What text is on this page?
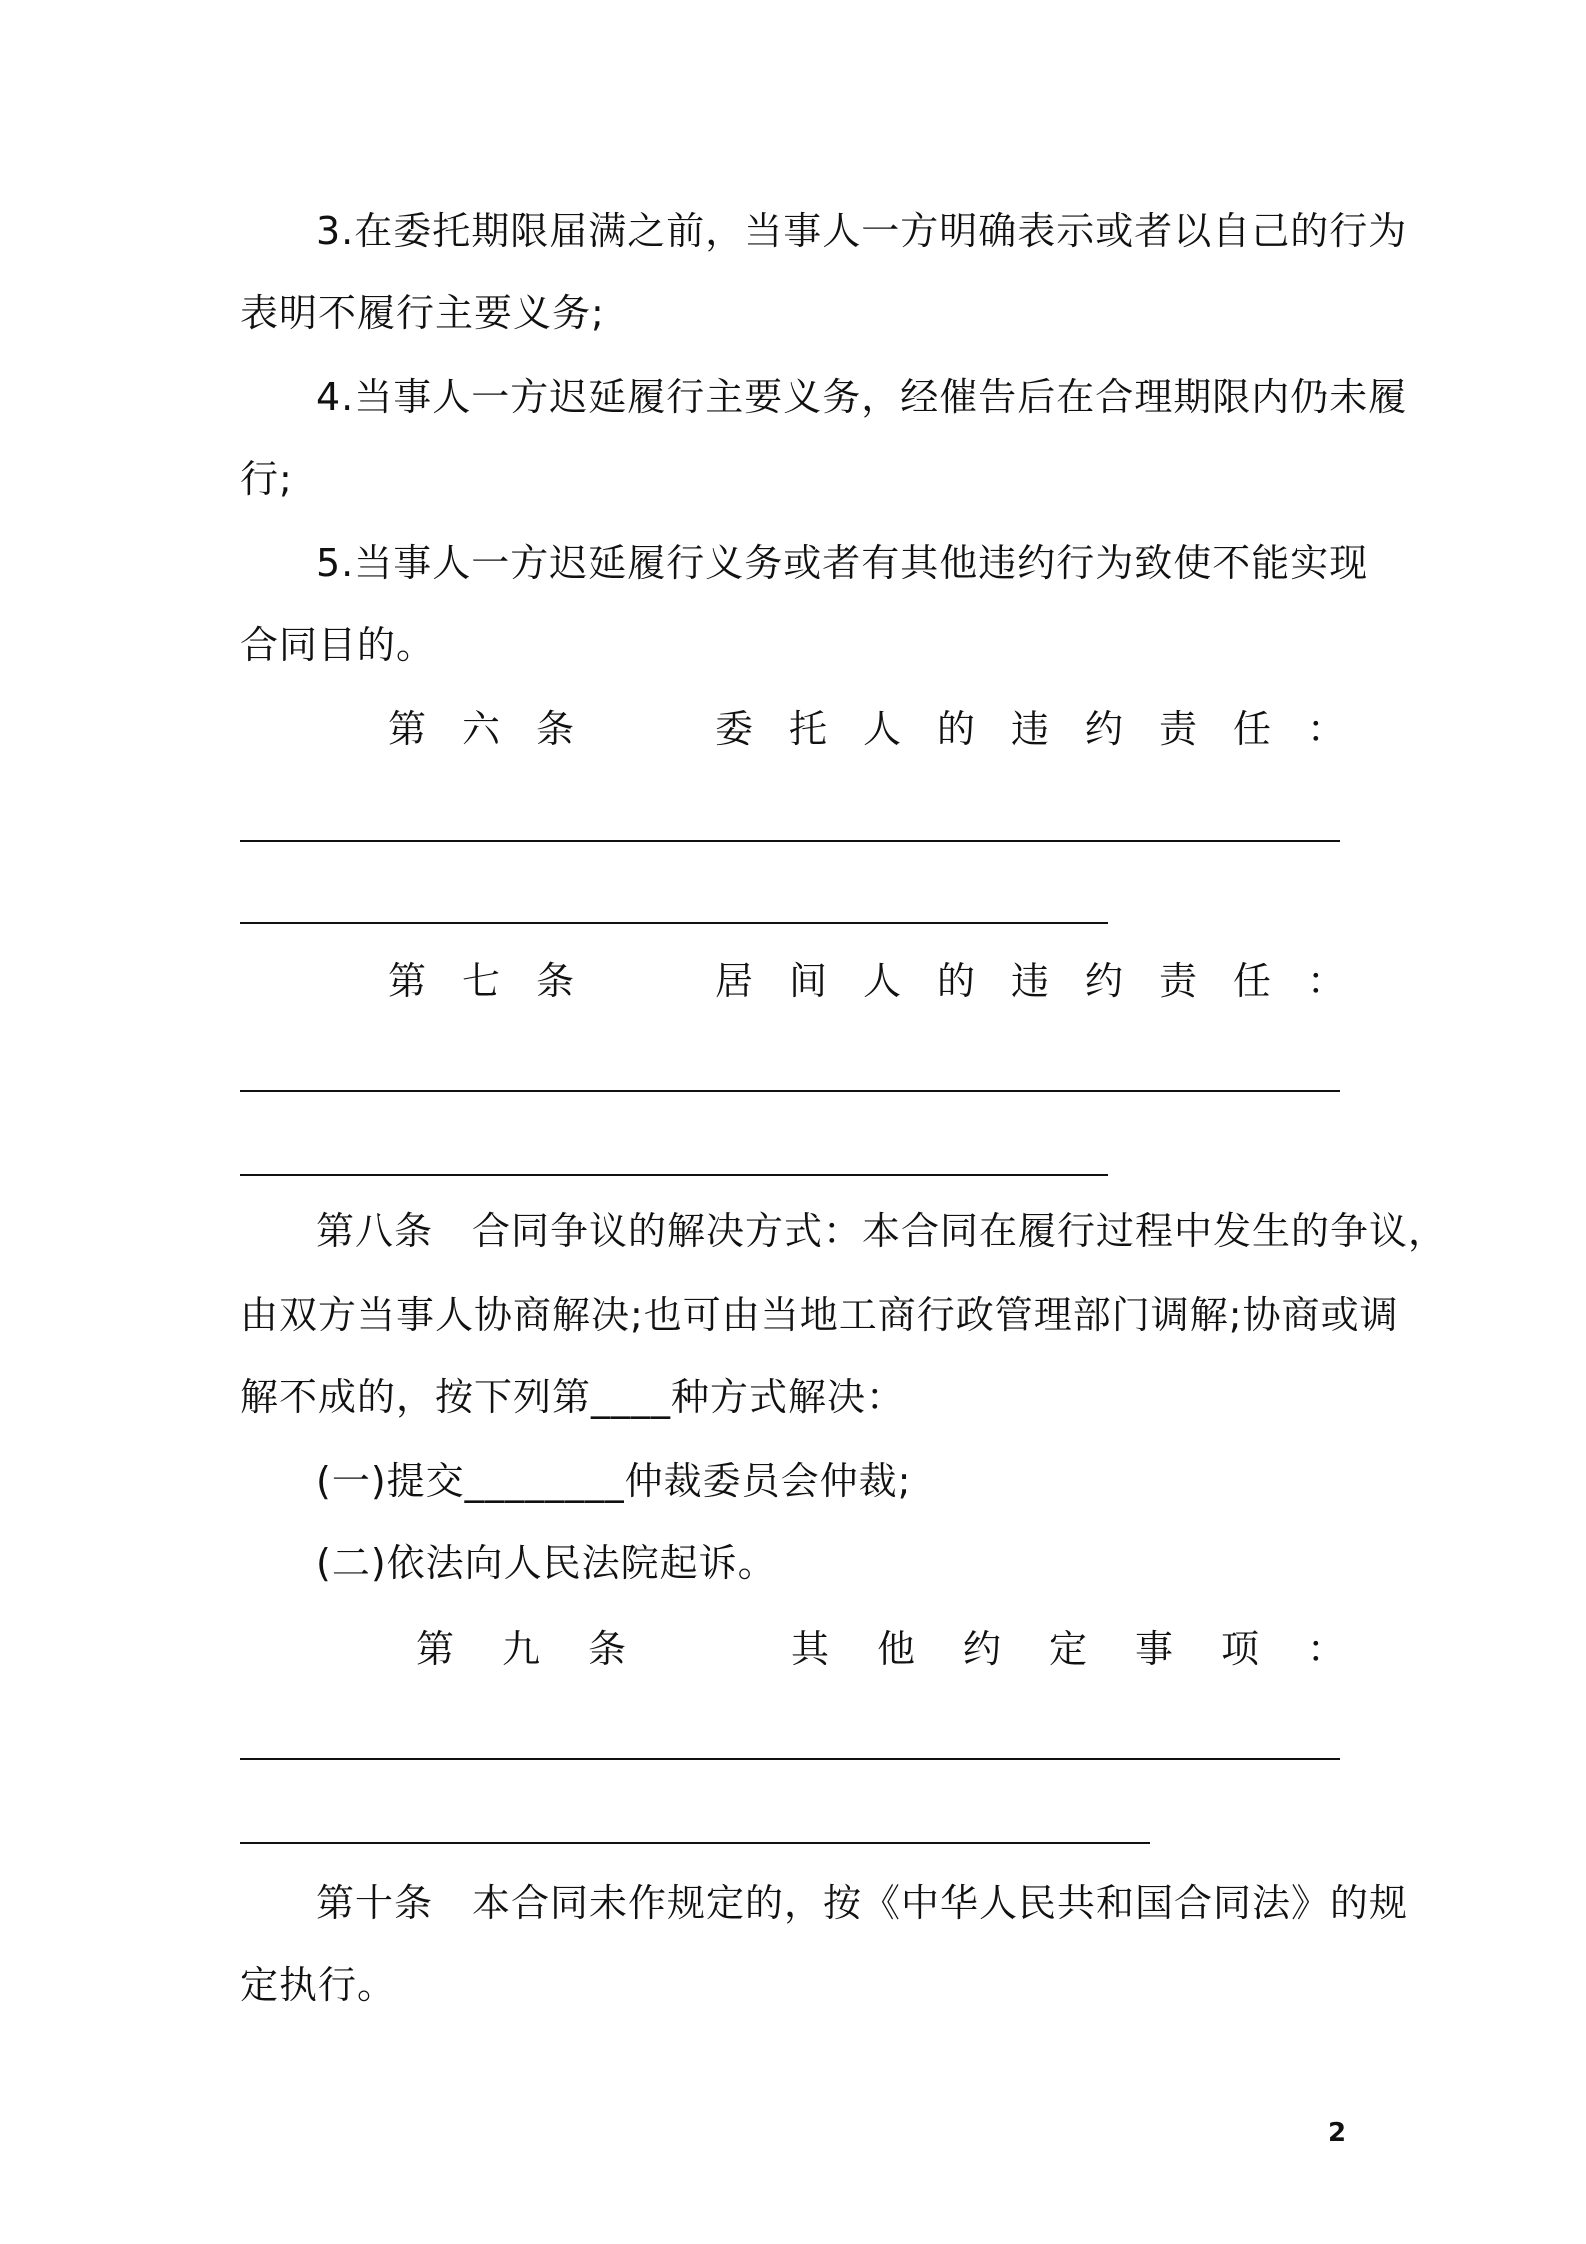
3.在委托期限届满之前，当事人一方明确表示或者以自己的行为
表明不履行主要义务;
4.当事人一方迟延履行主要义务，经催告后在合理期限内仍未履
行;
5.当事人一方迟延履行义务或者有其他违约行为致使不能实现
合同目的。
第 六 条	委 托 人 的 违 约 责 任 ：
第 七 条	居 间 人 的 违 约 责 任 ：
第八条　合同争议的解决方式：本合同在履行过程中发生的争议，
由双方当事人协商解决;也可由当地工商行政管理部门调解;协商或调
解不成的，按下列第____种方式解决：
(一)提交________仲裁委员会仲裁;
(二)依法向人民法院起诉。
第 九 条	其 他 约 定 事 项 ：
第十条　本合同未作规定的，按《中华人民共和国合同法》的规
定执行。
2
